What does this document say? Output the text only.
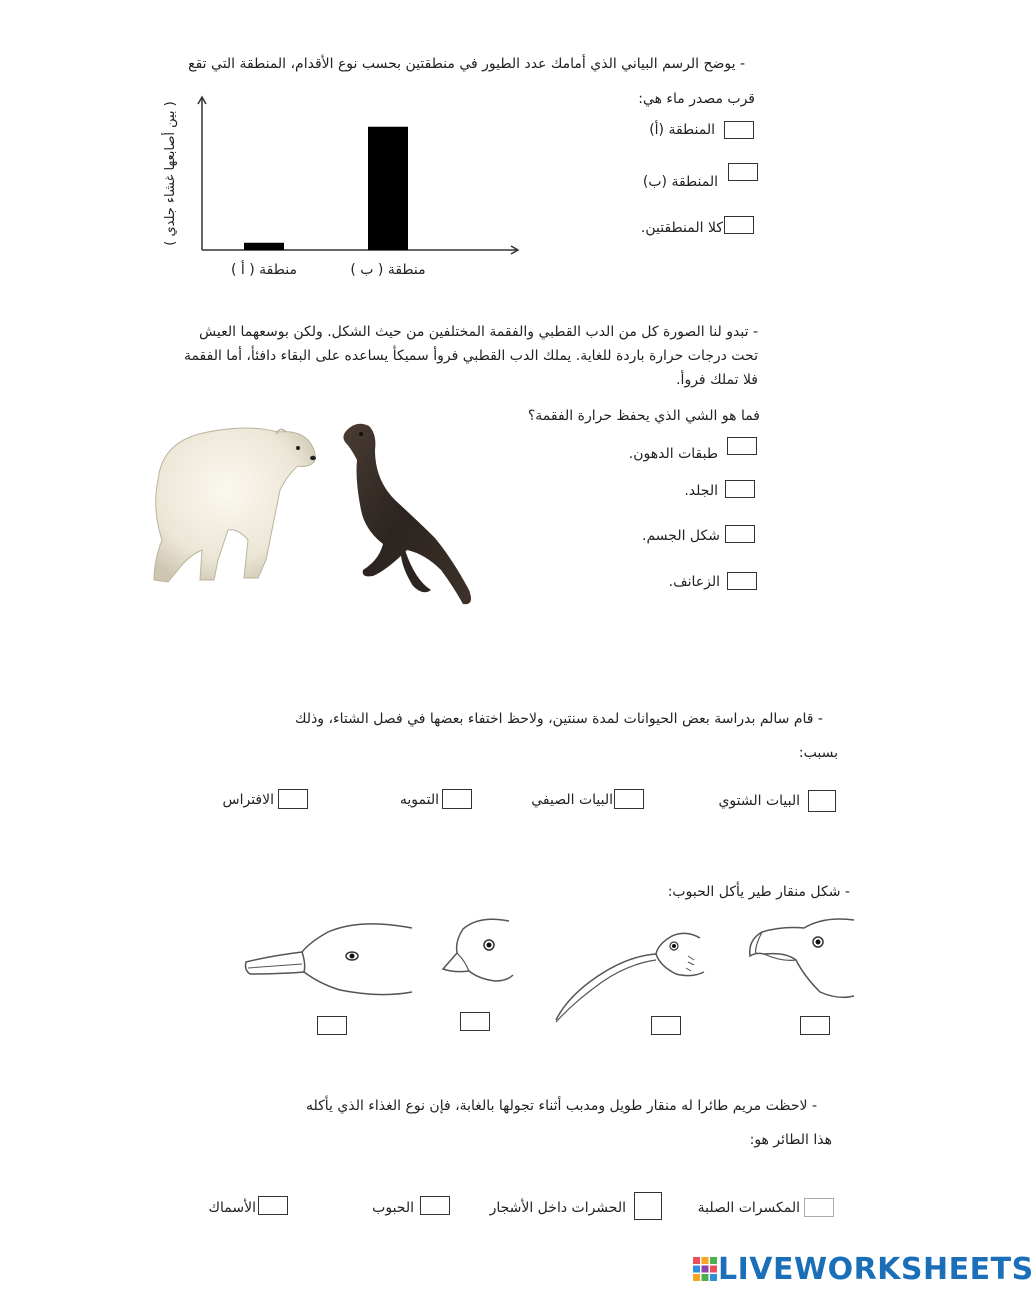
- يوضح الرسم البياني الذي أمامك عدد الطيور في منطقتين بحسب نوع الأقدام، المنطقة التي تقع
قرب مصدر ماء هي:
منطقة ( أ )	منطقة ( ب )
( بين أصابعها غشاء جلدي )
المنطقة (أ)
المنطقة (ب)
كلا المنطقتين.
- تبدو لنا الصورة كل من الدب القطبي والفقمة المختلفين من حيث الشكل. ولكن بوسعهما العيش
تحت درجات حرارة باردة للغاية. يملك الدب القطبي فروأ سميكأ يساعده على البقاء دافئأ، أما الفقمة
فلا تملك فروأ.
فما هو الشي الذي يحفظ حرارة الفقمة؟
طبقات الدهون.
الجلد.
شكل الجسم.
الزعانف.
- قام سالم بدراسة بعض الحيوانات لمدة سنتين، ولاحظ اختفاء بعضها في فصل الشتاء، وذلك
بسبب:
البيات الشتوي
البيات الصيفي
التمويه
الافتراس
- شكل منقار طير يأكل الحبوب:
- لاحظت مريم طائرا له منقار طويل ومدبب أثناء تجولها بالغابة، فإن نوع الغذاء الذي يأكله
هذا الطائر هو:
المكسرات الصلبة
الحشرات داخل الأشجار
الحبوب
الأسماك
LIVEWORKSHEETS
